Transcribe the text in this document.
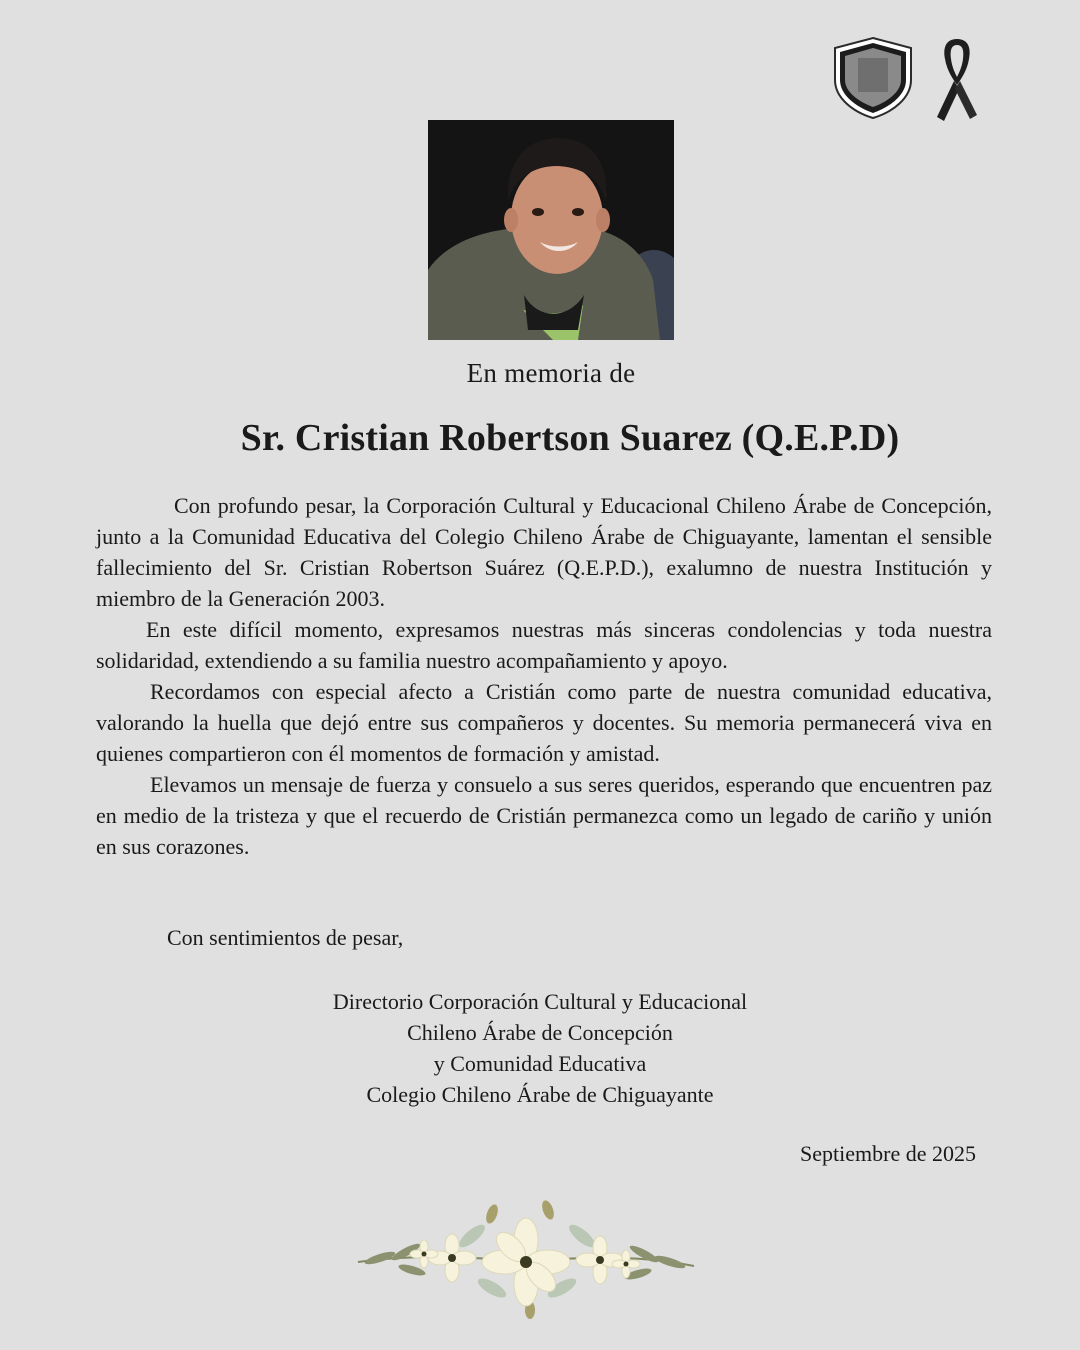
En memoria de
Sr. Cristian Robertson Suarez (Q.E.P.D)

Con profundo pesar, la Corporación Cultural y Educacional Chileno Árabe de Concepción, junto a la Comunidad Educativa del Colegio Chileno Árabe de Chiguayante, lamentan el sensible fallecimiento del Sr. Cristian Robertson Suárez (Q.E.P.D.), exalumno de nuestra Institución y miembro de la Generación 2003.

En este difícil momento, expresamos nuestras más sinceras condolencias y toda nuestra solidaridad, extendiendo a su familia nuestro acompañamiento y apoyo.

Recordamos con especial afecto a Cristián como parte de nuestra comunidad educativa, valorando la huella que dejó entre sus compañeros y docentes. Su memoria permanecerá viva en quienes compartieron con él momentos de formación y amistad.

Elevamos un mensaje de fuerza y consuelo a sus seres queridos, esperando que encuentren paz en medio de la tristeza y que el recuerdo de Cristián permanezca como un legado de cariño y unión en sus corazones.

Con sentimientos de pesar,
Directorio Corporación Cultural y Educacional
Chileno Árabe de Concepción
y Comunidad Educativa
Colegio Chileno Árabe de Chiguayante
Septiembre de 2025
